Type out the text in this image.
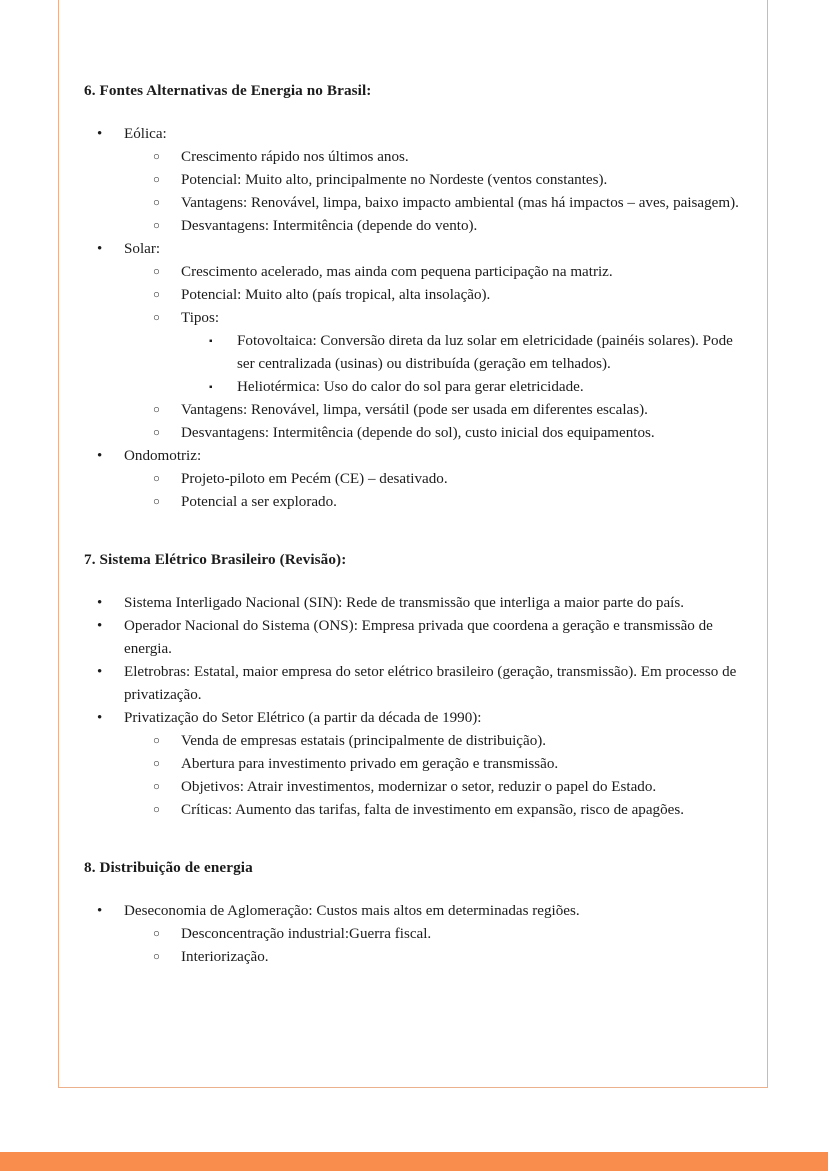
6. Fontes Alternativas de Energia no Brasil:
•	Eólica:
○	Crescimento rápido nos últimos anos.
○	Potencial: Muito alto, principalmente no Nordeste (ventos constantes).
○	Vantagens: Renovável, limpa, baixo impacto ambiental (mas há impactos – aves, paisagem).
○	Desvantagens: Intermitência (depende do vento).
•	Solar:
○	Crescimento acelerado, mas ainda com pequena participação na matriz.
○	Potencial: Muito alto (país tropical, alta insolação).
○	Tipos:
▪	Fotovoltaica: Conversão direta da luz solar em eletricidade (painéis solares). Pode ser centralizada (usinas) ou distribuída (geração em telhados).
▪	Heliotérmica: Uso do calor do sol para gerar eletricidade.
○	Vantagens: Renovável, limpa, versátil (pode ser usada em diferentes escalas).
○	Desvantagens: Intermitência (depende do sol), custo inicial dos equipamentos.
•	Ondomotriz:
○	Projeto-piloto em Pecém (CE) – desativado.
○	Potencial a ser explorado.
7. Sistema Elétrico Brasileiro (Revisão):
•	Sistema Interligado Nacional (SIN): Rede de transmissão que interliga a maior parte do país.
•	Operador Nacional do Sistema (ONS): Empresa privada que coordena a geração e transmissão de energia.
•	Eletrobras: Estatal, maior empresa do setor elétrico brasileiro (geração, transmissão). Em processo de privatização.
•	Privatização do Setor Elétrico (a partir da década de 1990):
○	Venda de empresas estatais (principalmente de distribuição).
○	Abertura para investimento privado em geração e transmissão.
○	Objetivos: Atrair investimentos, modernizar o setor, reduzir o papel do Estado.
○	Críticas: Aumento das tarifas, falta de investimento em expansão, risco de apagões.
8. Distribuição de energia
•	Deseconomia de Aglomeração: Custos mais altos em determinadas regiões.
○	Desconcentração industrial:Guerra fiscal.
○	Interiorização.
